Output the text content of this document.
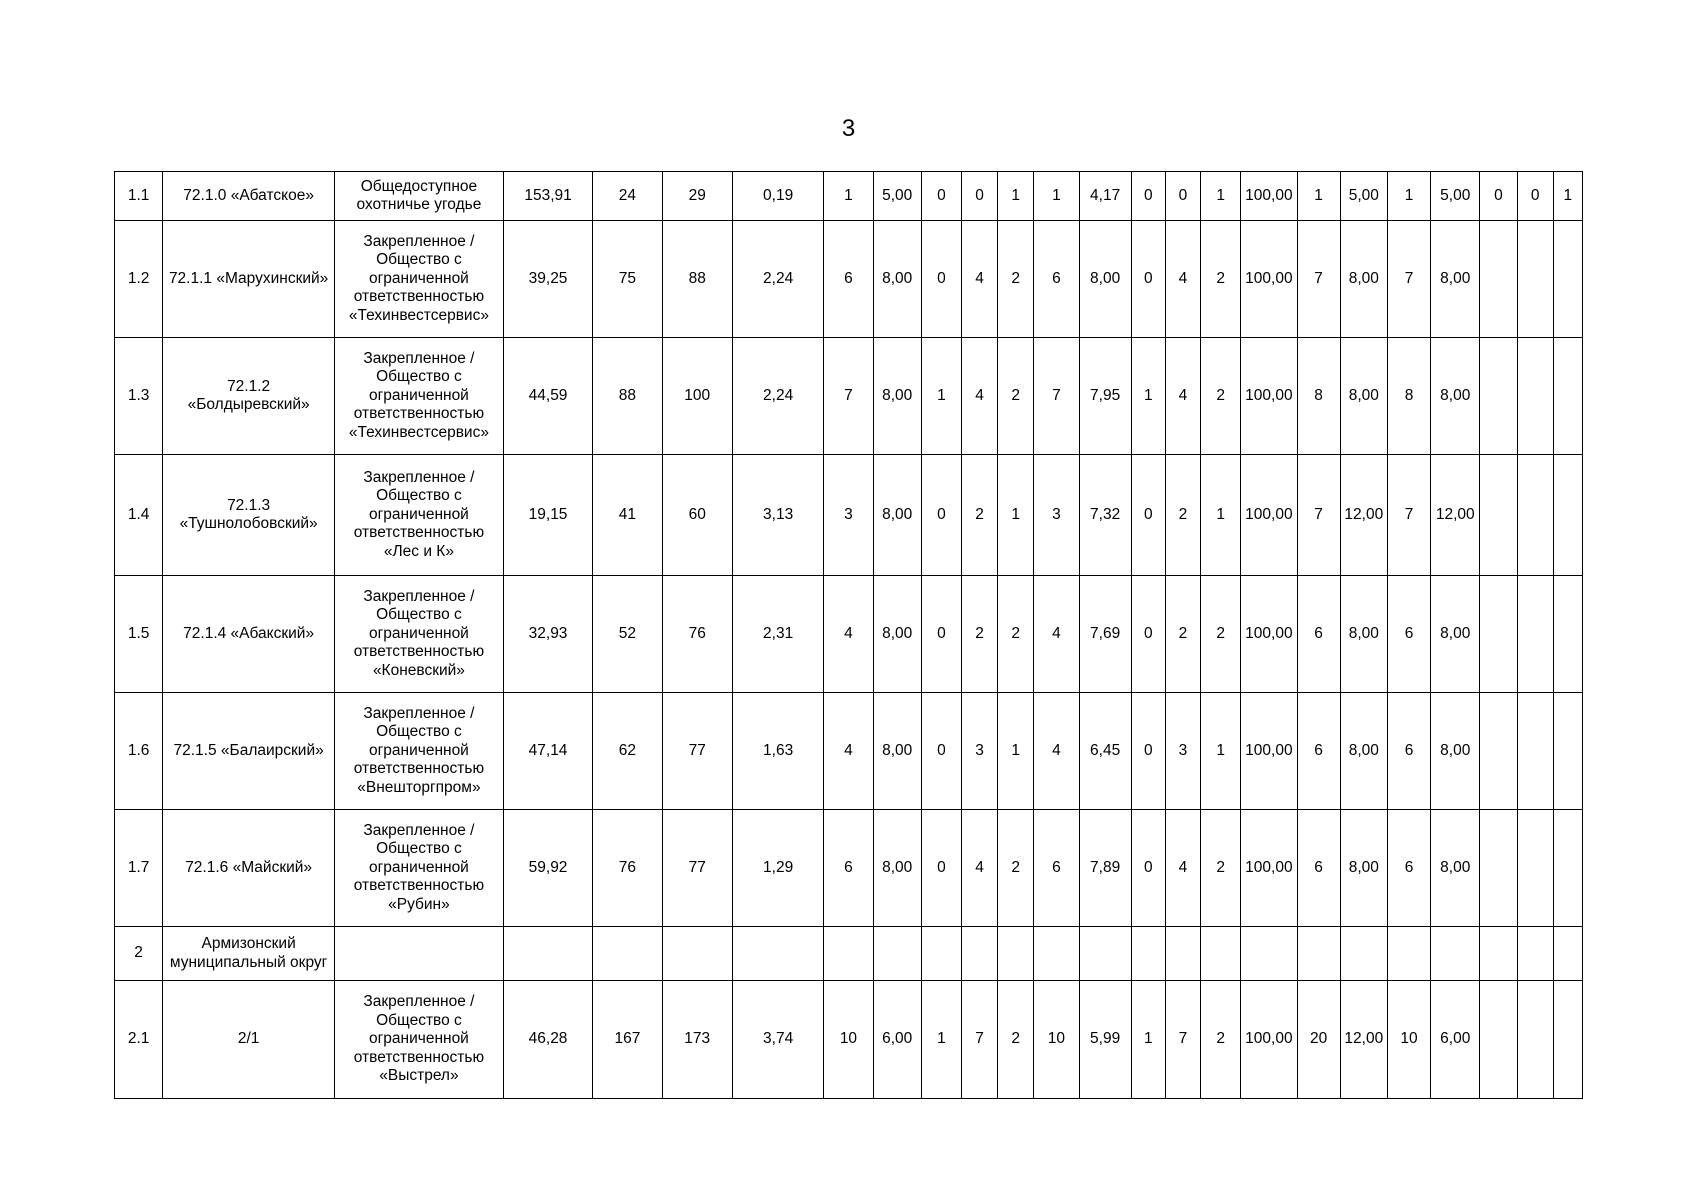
3
1.1	72.1.0 «Абатское»	Общедоступное охотничье угодье	153,91	24	29	0,19	1	5,00	0	0	1	1	4,17	0	0	1	100,00	1	5,00	1	5,00	0	0	1
1.2	72.1.1 «Марухинский»	Закрепленное / Общество с ограниченной ответственностью «Техинвестсервис»	39,25	75	88	2,24	6	8,00	0	4	2	6	8,00	0	4	2	100,00	7	8,00	7	8,00			
1.3	72.1.2 «Болдыревский»	Закрепленное / Общество с ограниченной ответственностью «Техинвестсервис»	44,59	88	100	2,24	7	8,00	1	4	2	7	7,95	1	4	2	100,00	8	8,00	8	8,00			
1.4	72.1.3 «Тушнолобовский»	Закрепленное /Общество с ограниченной ответственностью «Лес и К»	19,15	41	60	3,13	3	8,00	0	2	1	3	7,32	0	2	1	100,00	7	12,00	7	12,00			
1.5	72.1.4 «Абакский»	Закрепленное / Общество с ограниченной ответственностью «Коневский»	32,93	52	76	2,31	4	8,00	0	2	2	4	7,69	0	2	2	100,00	6	8,00	6	8,00			
1.6	72.1.5 «Балаирский»	Закрепленное / Общество с ограниченной ответственностью «Внешторгпром»	47,14	62	77	1,63	4	8,00	0	3	1	4	6,45	0	3	1	100,00	6	8,00	6	8,00			
1.7	72.1.6 «Майский»	Закрепленное / Общество с ограниченной ответственностью «Рубин»	59,92	76	77	1,29	6	8,00	0	4	2	6	7,89	0	4	2	100,00	6	8,00	6	8,00			
2	Армизонский муниципальный округ																							
2.1	2/1	Закрепленное / Общество с ограниченной ответственностью «Выстрел»	46,28	167	173	3,74	10	6,00	1	7	2	10	5,99	1	7	2	100,00	20	12,00	10	6,00			
